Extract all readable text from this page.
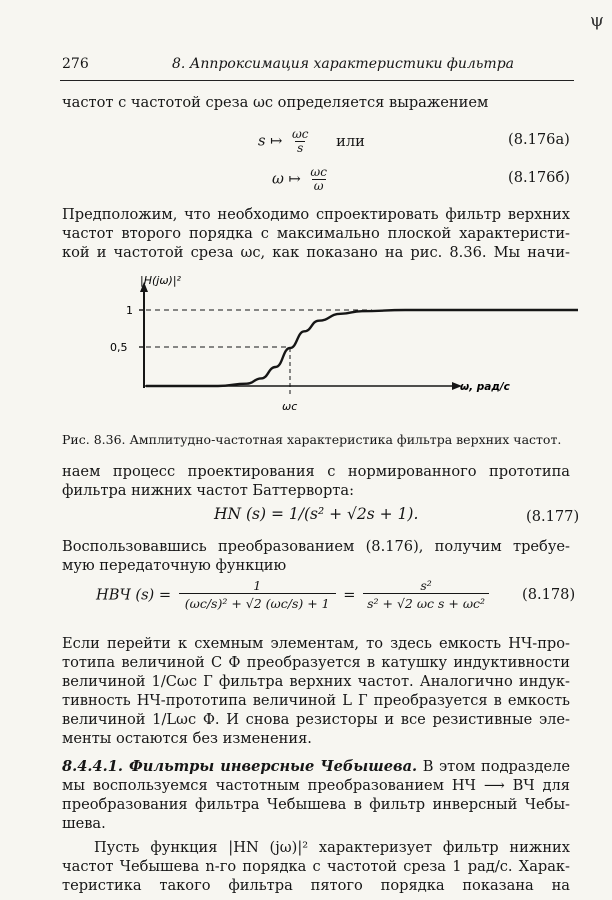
ψ
276	8. Аппроксимация характеристики фильтра
частот с частотой среза ωc определяется выражением
s ↦ $\frac{\omega c}{s}$ или	(8.176а)
ω ↦ $\frac{\omega c}{\omega}$	(8.176б)
Предположим, что необходимо спроектировать фильтр верхних
частот второго порядка с максимально плоской характеристи-
кой и частотой среза ωc, как показано на рис. 8.36. Мы начи-
|H(jω)|²
1
0,5
ωc
ω, рад/с
Рис. 8.36. Амплитудно-частотная характеристика фильтра верхних частот.
наем процесс проектирования с нормированного прототипа
фильтра нижних частот Баттерворта:
HN (s) = 1/(s² + √2s + 1).	(8.177)
Воспользовавшись преобразованием (8.176), получим требуе-
мую передаточную функцию
HВЧ $(s) = \frac{1}{\text{(ωc/s)² + √2 (ωc/s) + 1}} = \frac{\text{s²}}{\text{s² + √2 ωc s + ωc²}} (8.178)$
Если перейти к схемным элементам, то здесь емкость НЧ-про-
тотипа величиной C Ф преобразуется в катушку индуктивности
величиной 1/Cωc Г фильтра верхних частот. Аналогично индук-
тивность НЧ-прототипа величиной L Г преобразуется в емкость
величиной 1/Lωc Ф. И снова резисторы и все резистивные эле-
менты остаются без изменения.
8.4.4.1. Фильтры инверсные Чебышева. В этом подразделе
мы воспользуемся частотным преобразованием НЧ ⟶ ВЧ для
преобразования фильтра Чебышева в фильтр инверсный Чебы-
шева.
Пусть функция |HN (jω)|² характеризует фильтр нижних
частот Чебышева n-го порядка с частотой среза 1 рад/с. Харак-
теристика такого фильтра пятого порядка показана на
